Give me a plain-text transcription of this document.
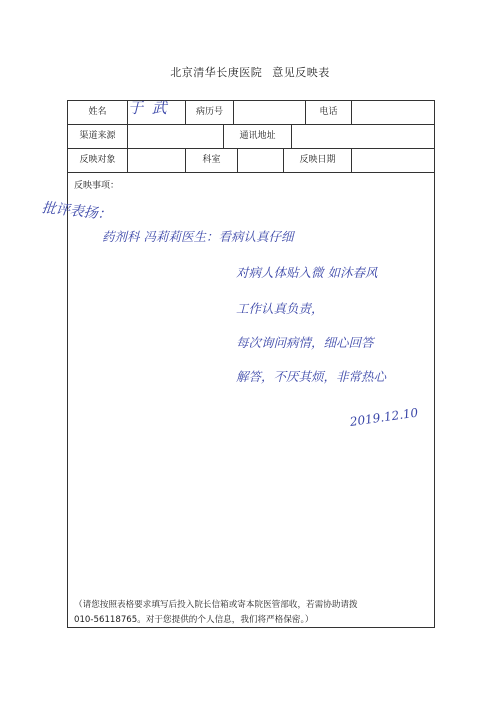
北京清华长庚医院 意见反映表
姓名	于 武	病历号	电话
渠道来源	通讯地址
反映对象	科室	反映日期
反映事项：
批评表扬：
药剂科 冯莉莉医生：看病认真仔细
对病人体贴入微 如沐春风
工作认真负责，
每次询问病情，细心回答
解答，不厌其烦，非常热心
2019.12.10
（请您按照表格要求填写后投入院长信箱或寄本院医管部收，若需协助请拨
010-56118765。对于您提供的个人信息，我们将严格保密。）
